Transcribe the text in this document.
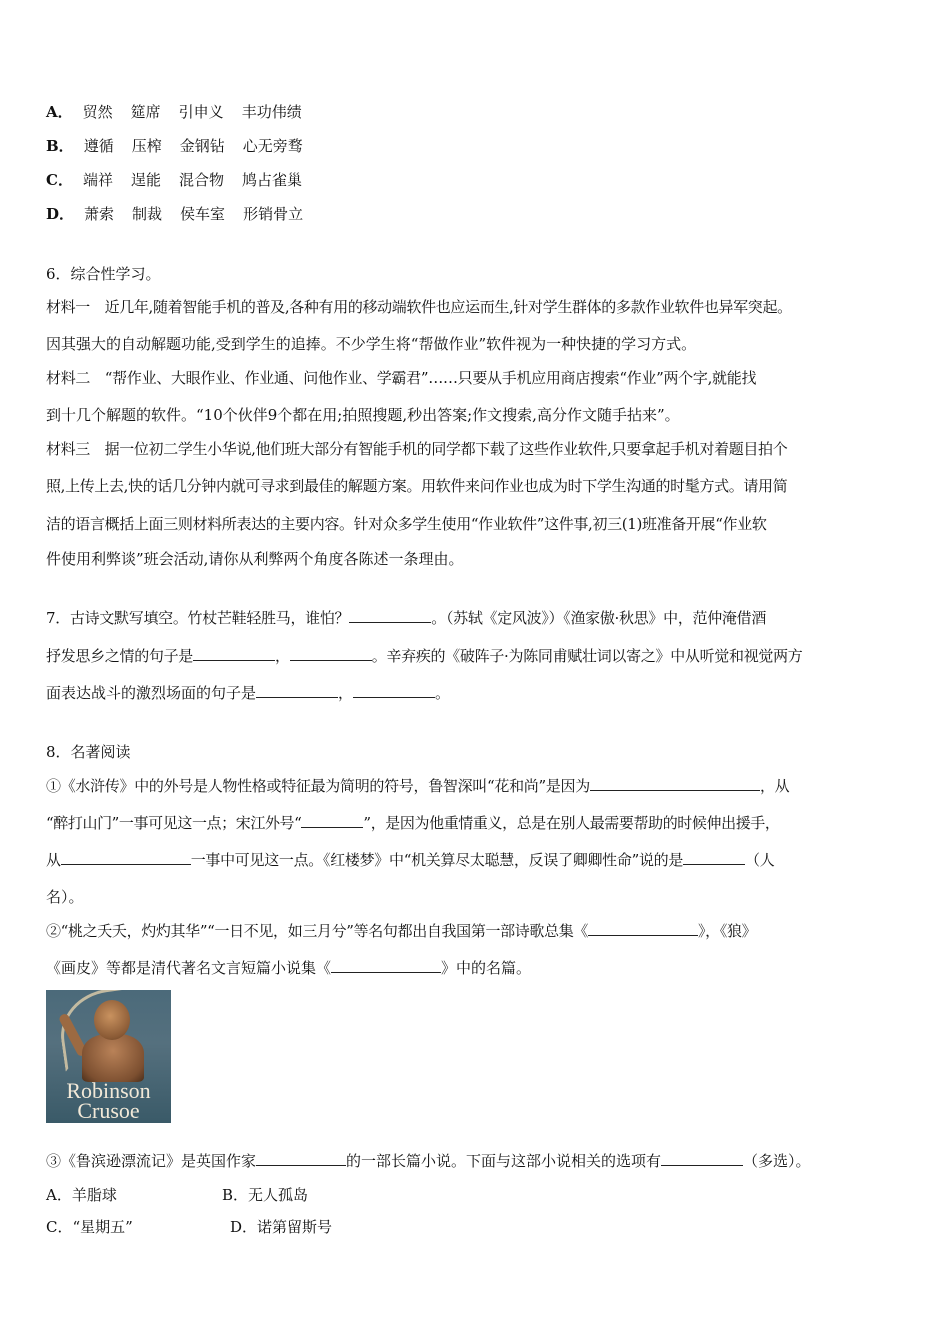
A． 贸然 筵席 引申义 丰功伟绩
B． 遵循 压榨 金钢钻 心无旁骛
C． 端祥 逞能 混合物 鸠占雀巢
D． 萧索 制裁 侯车室 形销骨立
6．综合性学习。
材料一　近几年,随着智能手机的普及,各种有用的移动端软件也应运而生,针对学生群体的多款作业软件也异军突起。
因其强大的自动解题功能,受到学生的追捧。不少学生将“帮做作业”软件视为一种快捷的学习方式。
材料二　“帮作业、大眼作业、作业通、问他作业、学霸君”……只要从手机应用商店搜索“作业”两个字,就能找
到十几个解题的软件。“10个伙伴9个都在用;拍照搜题,秒出答案;作文搜索,高分作文随手拈来”。
材料三　据一位初二学生小华说,他们班大部分有智能手机的同学都下载了这些作业软件,只要拿起手机对着题目拍个
照,上传上去,快的话几分钟内就可寻求到最佳的解题方案。用软件来问作业也成为时下学生沟通的时髦方式。请用简
洁的语言概括上面三则材料所表达的主要内容。针对众多学生使用“作业软件”这件事,初三(1)班准备开展“作业软
件使用利弊谈”班会活动,请你从利弊两个角度各陈述一条理由。
7．古诗文默写填空。竹杖芒鞋轻胜马，谁怕？	。（苏轼《定风波》）《渔家傲·秋思》中，范仲淹借酒
抒发思乡之情的句子是	，	。辛弃疾的《破阵子·为陈同甫赋壮词以寄之》中从听觉和视觉两方
面表达战斗的激烈场面的句子是	，	。
8．名著阅读
①《水浒传》中的外号是人物性格或特征最为简明的符号，鲁智深叫“花和尚”是因为	，从
“醉打山门”一事可见这一点；宋江外号“	”，是因为他重情重义，总是在别人最需要帮助的时候伸出援手，
从	一事中可见这一点。《红楼梦》中“机关算尽太聪慧，反误了卿卿性命”说的是	（人
名）。
②“桃之夭夭，灼灼其华”“一日不见，如三月兮”等名句都出自我国第一部诗歌总集《	》，《狼》
《画皮》等都是清代著名文言短篇小说集《	》中的名篇。
Robinson
Crusoe
③《鲁滨逊漂流记》是英国作家	的一部长篇小说。下面与这部小说相关的选项有	（多选）。
A．羊脂球	B．无人孤岛
C．“星期五”	D．诺第留斯号
